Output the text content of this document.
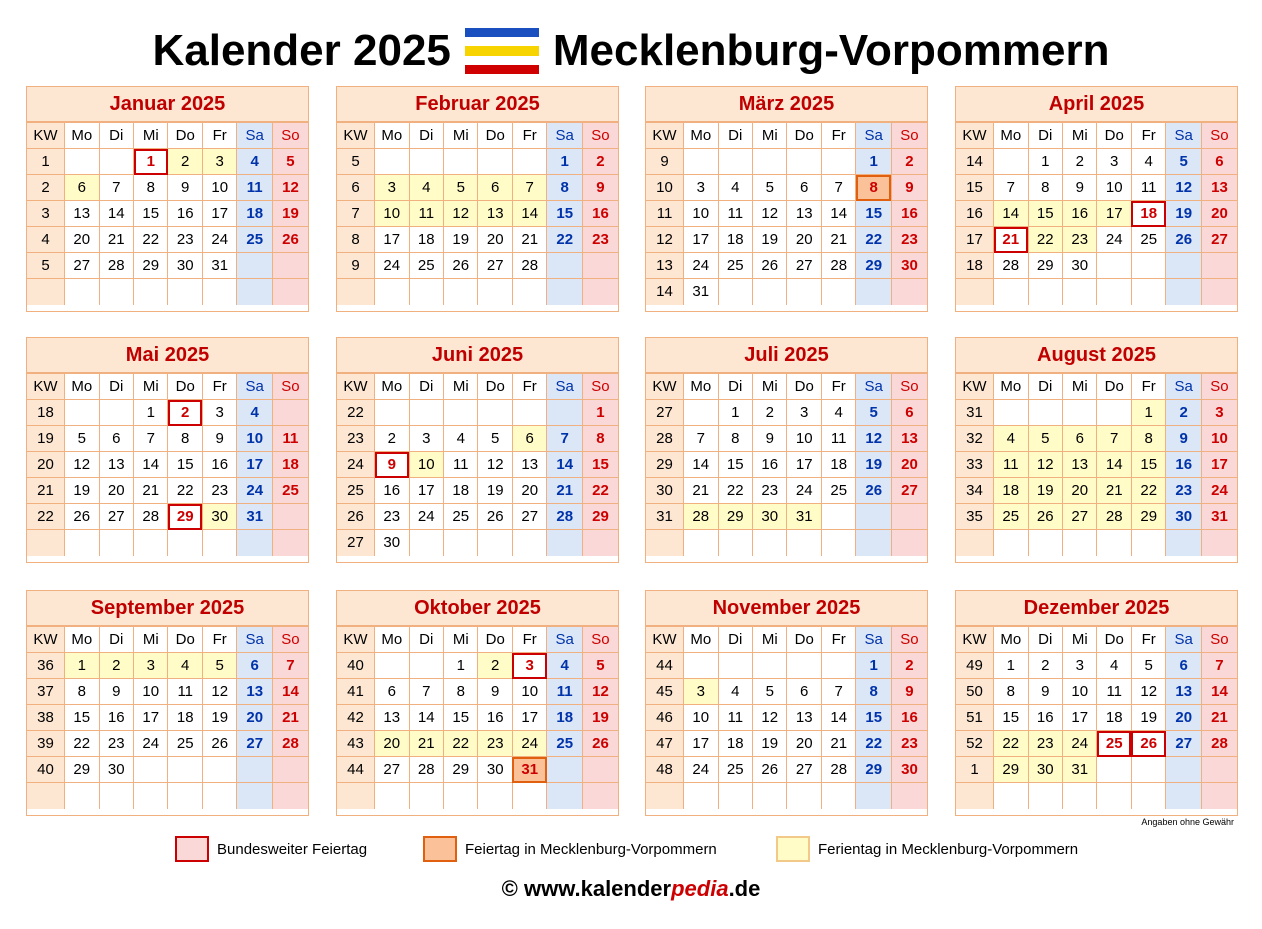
Kalender 2025 Mecklenburg-Vorpommern
Januar 2025
KW	Mo	Di	Mi	Do	Fr	Sa	So
1			1	2	3	4	5
2	6	7	8	9	10	11	12
3	13	14	15	16	17	18	19
4	20	21	22	23	24	25	26
5	27	28	29	30	31		

Februar 2025
KW	Mo	Di	Mi	Do	Fr	Sa	So
5						1	2
6	3	4	5	6	7	8	9
7	10	11	12	13	14	15	16
8	17	18	19	20	21	22	23
9	24	25	26	27	28		

März 2025
KW	Mo	Di	Mi	Do	Fr	Sa	So
9						1	2
10	3	4	5	6	7	8	9
11	10	11	12	13	14	15	16
12	17	18	19	20	21	22	23
13	24	25	26	27	28	29	30
14	31						
April 2025
KW	Mo	Di	Mi	Do	Fr	Sa	So
14		1	2	3	4	5	6
15	7	8	9	10	11	12	13
16	14	15	16	17	18	19	20
17	21	22	23	24	25	26	27
18	28	29	30				

Mai 2025
KW	Mo	Di	Mi	Do	Fr	Sa	So
18			1	2	3	4	
19	5	6	7	8	9	10	11
20	12	13	14	15	16	17	18
21	19	20	21	22	23	24	25
22	26	27	28	29	30	31	

Juni 2025
KW	Mo	Di	Mi	Do	Fr	Sa	So
22							1
23	2	3	4	5	6	7	8
24	9	10	11	12	13	14	15
25	16	17	18	19	20	21	22
26	23	24	25	26	27	28	29
27	30						
Juli 2025
KW	Mo	Di	Mi	Do	Fr	Sa	So
27		1	2	3	4	5	6
28	7	8	9	10	11	12	13
29	14	15	16	17	18	19	20
30	21	22	23	24	25	26	27
31	28	29	30	31			

August 2025
KW	Mo	Di	Mi	Do	Fr	Sa	So
31					1	2	3
32	4	5	6	7	8	9	10
33	11	12	13	14	15	16	17
34	18	19	20	21	22	23	24
35	25	26	27	28	29	30	31

September 2025
KW	Mo	Di	Mi	Do	Fr	Sa	So
36	1	2	3	4	5	6	7
37	8	9	10	11	12	13	14
38	15	16	17	18	19	20	21
39	22	23	24	25	26	27	28
40	29	30					

Oktober 2025
KW	Mo	Di	Mi	Do	Fr	Sa	So
40			1	2	3	4	5
41	6	7	8	9	10	11	12
42	13	14	15	16	17	18	19
43	20	21	22	23	24	25	26
44	27	28	29	30	31		

November 2025
KW	Mo	Di	Mi	Do	Fr	Sa	So
44						1	2
45	3	4	5	6	7	8	9
46	10	11	12	13	14	15	16
47	17	18	19	20	21	22	23
48	24	25	26	27	28	29	30

Dezember 2025
KW	Mo	Di	Mi	Do	Fr	Sa	So
49	1	2	3	4	5	6	7
50	8	9	10	11	12	13	14
51	15	16	17	18	19	20	21
52	22	23	24	25	26	27	28
1	29	30	31				

Angaben ohne Gewähr
Bundesweiter Feiertag	Feiertag in Mecklenburg-Vorpommern	Ferientag in Mecklenburg-Vorpommern
© www.kalenderpedia.de
